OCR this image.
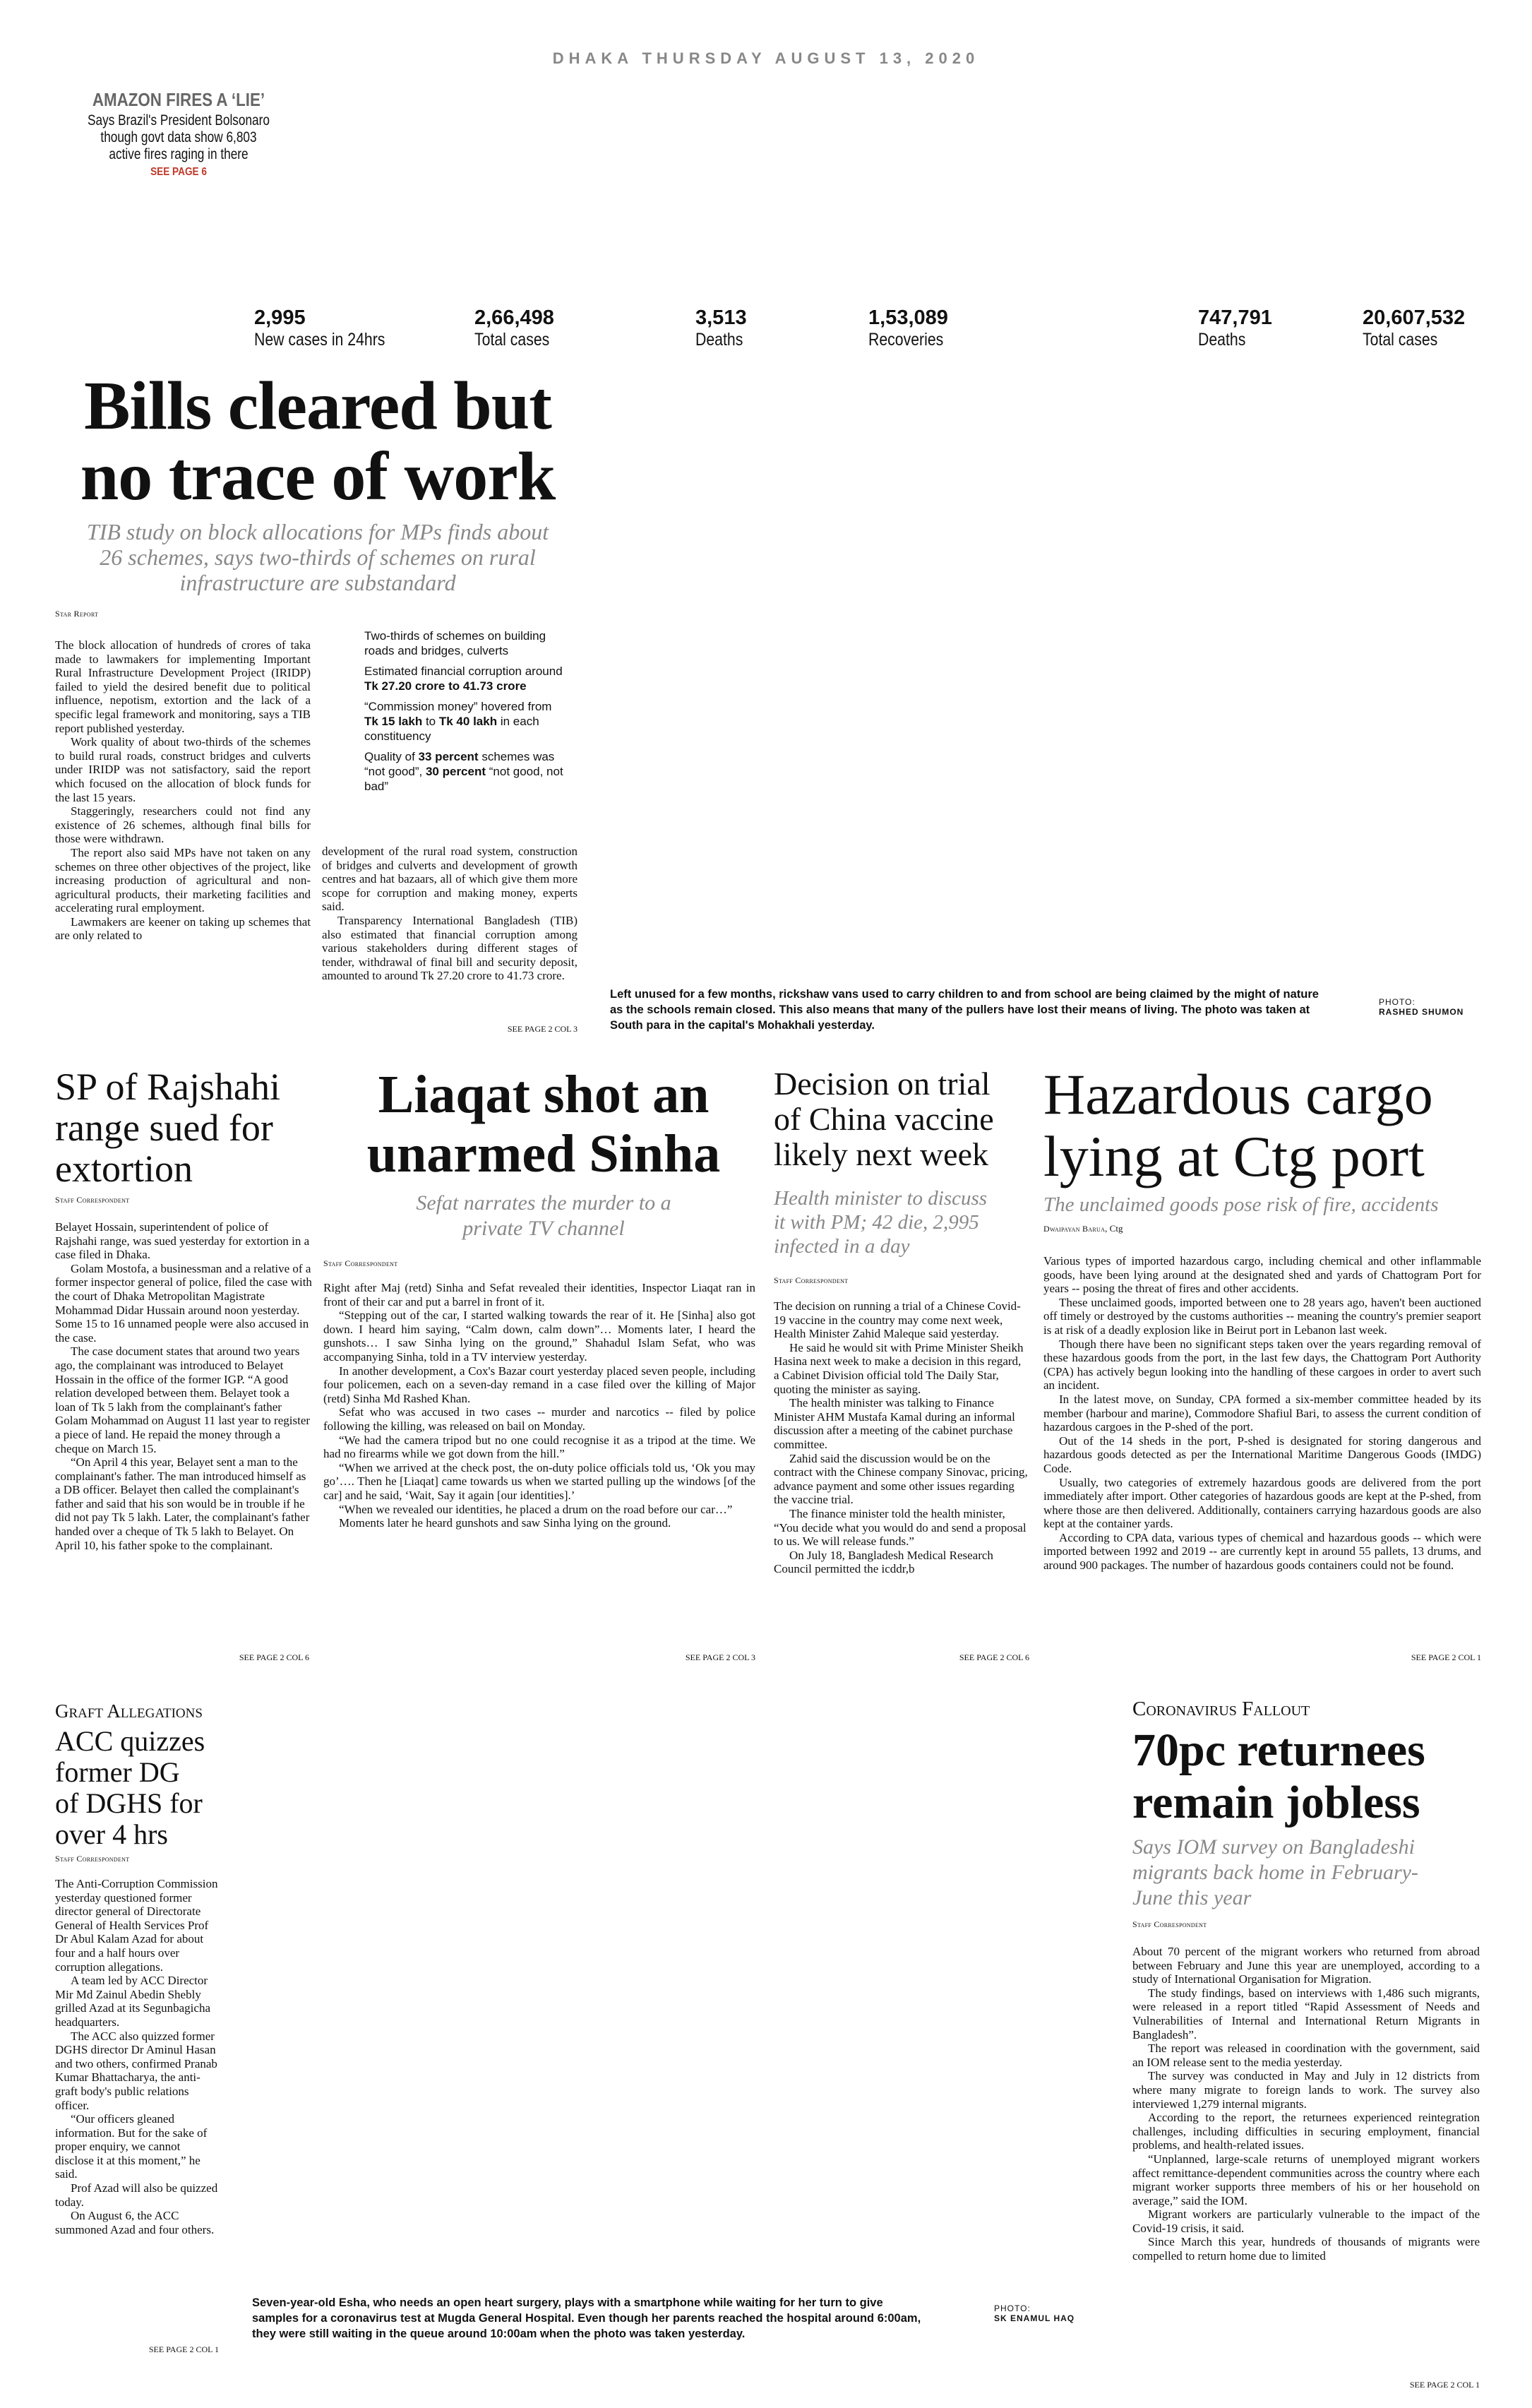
DHAKA THURSDAY AUGUST 13, 2020
AMAZON FIRES A ‘LIE’
Says Brazil's President Bolsonaro
though govt data show 6,803
active fires raging in there
SEE PAGE 6
2,995
New cases in 24hrs
2,66,498
Total cases
3,513
Deaths
1,53,089
Recoveries
747,791
Deaths
20,607,532
Total cases
Bills cleared but
no trace of work
TIB study on block allocations for MPs finds about
26 schemes, says two-thirds of schemes on rural
infrastructure are substandard
Star Report

The block allocation of hundreds of crores of taka made to lawmakers for implementing Important Rural Infrastructure Development Project (IRIDP) failed to yield the desired benefit due to political influence, nepotism, extortion and the lack of a specific legal framework and monitoring, says a TIB report published yesterday.

Work quality of about two-thirds of the schemes to build rural roads, construct bridges and culverts under IRIDP was not satisfactory, said the report which focused on the allocation of block funds for the last 15 years.

Staggeringly, researchers could not find any existence of 26 schemes, although final bills for those were withdrawn.

The report also said MPs have not taken on any schemes on three other objectives of the project, like increasing production of agricultural and non-agricultural products, their marketing facilities and accelerating rural employment.

Lawmakers are keener on taking up schemes that are only related to

Two-thirds of schemes on building roads and bridges, culverts

Estimated financial corruption around Tk 27.20 crore to 41.73 crore

“Commission money” hovered from Tk 15 lakh to Tk 40 lakh in each constituency

Quality of 33 percent schemes was “not good”, 30 percent “not good, not bad”

development of the rural road system, construction of bridges and culverts and development of growth centres and hat bazaars, all of which give them more scope for corruption and making money, experts said.

Transparency International Bangladesh (TIB) also estimated that financial corruption among various stakeholders during different stages of tender, withdrawal of final bill and security deposit, amounted to around Tk 27.20 crore to 41.73 crore.

SEE PAGE 2 COL 3
Left unused for a few months, rickshaw vans used to carry children to and from school are being claimed by the might of nature as the schools remain closed. This also means that many of the pullers have lost their means of living. The photo was taken at South para in the capital's Mohakhali yesterday.
PHOTO:
RASHED SHUMON
SP of Rajshahi range sued for extortion
Staff Correspondent

Belayet Hossain, superintendent of police of Rajshahi range, was sued yesterday for extortion in a case filed in Dhaka.

Golam Mostofa, a businessman and a relative of a former inspector general of police, filed the case with the court of Dhaka Metropolitan Magistrate Mohammad Didar Hussain around noon yesterday. Some 15 to 16 unnamed people were also accused in the case.

The case document states that around two years ago, the complainant was introduced to Belayet Hossain in the office of the former IGP. “A good relation developed between them. Belayet took a loan of Tk 5 lakh from the complainant's father Golam Mohammad on August 11 last year to register a piece of land. He repaid the money through a cheque on March 15.

“On April 4 this year, Belayet sent a man to the complainant's father. The man introduced himself as a DB officer. Belayet then called the complainant's father and said that his son would be in trouble if he did not pay Tk 5 lakh. Later, the complainant's father handed over a cheque of Tk 5 lakh to Belayet. On April 10, his father spoke to the complainant.

SEE PAGE 2 COL 6
Liaqat shot an
unarmed Sinha
Sefat narrates the murder to a
private TV channel
Staff Correspondent

Right after Maj (retd) Sinha and Sefat revealed their identities, Inspector Liaqat ran in front of their car and put a barrel in front of it.

“Stepping out of the car, I started walking towards the rear of it. He [Sinha] also got down. I heard him saying, “Calm down, calm down”… Moments later, I heard the gunshots… I saw Sinha lying on the ground,” Shahadul Islam Sefat, who was accompanying Sinha, told in a TV interview yesterday.

In another development, a Cox's Bazar court yesterday placed seven people, including four policemen, each on a seven-day remand in a case filed over the killing of Major (retd) Sinha Md Rashed Khan.

Sefat who was accused in two cases -- murder and narcotics -- filed by police following the killing, was released on bail on Monday.

“We had the camera tripod but no one could recognise it as a tripod at the time. We had no firearms while we got down from the hill.”

“When we arrived at the check post, the on-duty police officials told us, ‘Ok you may go’…. Then he [Liaqat] came towards us when we started pulling up the windows [of the car] and he said, ‘Wait, Say it again [our identities].’

“When we revealed our identities, he placed a drum on the road before our car…”

Moments later he heard gunshots and saw Sinha lying on the ground.

SEE PAGE 2 COL 3
Decision on trial
of China vaccine
likely next week
Health minister to discuss
it with PM; 42 die, 2,995
infected in a day
Staff Correspondent

The decision on running a trial of a Chinese Covid-19 vaccine in the country may come next week, Health Minister Zahid Maleque said yesterday.

He said he would sit with Prime Minister Sheikh Hasina next week to make a decision in this regard, a Cabinet Division official told The Daily Star, quoting the minister as saying.

The health minister was talking to Finance Minister AHM Mustafa Kamal during an informal discussion after a meeting of the cabinet purchase committee.

Zahid said the discussion would be on the contract with the Chinese company Sinovac, pricing, advance payment and some other issues regarding the vaccine trial.

The finance minister told the health minister, “You decide what you would do and send a proposal to us. We will release funds.”

On July 18, Bangladesh Medical Research Council permitted the icddr,b

SEE PAGE 2 COL 6
Hazardous cargo
lying at Ctg port
The unclaimed goods pose risk of fire, accidents
Dwaipayan Barua, Ctg

Various types of imported hazardous cargo, including chemical and other inflammable goods, have been lying around at the designated shed and yards of Chattogram Port for years -- posing the threat of fires and other accidents.

These unclaimed goods, imported between one to 28 years ago, haven't been auctioned off timely or destroyed by the customs authorities -- meaning the country's premier seaport is at risk of a deadly explosion like in Beirut port in Lebanon last week.

Though there have been no significant steps taken over the years regarding removal of these hazardous goods from the port, in the last few days, the Chattogram Port Authority (CPA) has actively begun looking into the handling of these cargoes in order to avert such an incident.

In the latest move, on Sunday, CPA formed a six-member committee headed by its member (harbour and marine), Commodore Shafiul Bari, to assess the current condition of hazardous cargoes in the P-shed of the port.

Out of the 14 sheds in the port, P-shed is designated for storing dangerous and hazardous goods detected as per the International Maritime Dangerous Goods (IMDG) Code.

Usually, two categories of extremely hazardous goods are delivered from the port immediately after import. Other categories of hazardous goods are kept at the P-shed, from where those are then delivered. Additionally, containers carrying hazardous goods are also kept at the container yards.

According to CPA data, various types of chemical and hazardous goods -- which were imported between 1992 and 2019 -- are currently kept in around 55 pallets, 13 drums, and around 900 packages. The number of hazardous goods containers could not be found.

SEE PAGE 2 COL 1
Graft Allegations
ACC quizzes
former DG
of DGHS for
over 4 hrs
Staff Correspondent

The Anti-Corruption Commission yesterday questioned former director general of Directorate General of Health Services Prof Dr Abul Kalam Azad for about four and a half hours over corruption allegations.

A team led by ACC Director Mir Md Zainul Abedin Shebly grilled Azad at its Segunbagicha headquarters.

The ACC also quizzed former DGHS director Dr Aminul Hasan and two others, confirmed Pranab Kumar Bhattacharya, the anti-graft body's public relations officer.

“Our officers gleaned information. But for the sake of proper enquiry, we cannot disclose it at this moment,” he said.

Prof Azad will also be quizzed today.

On August 6, the ACC summoned Azad and four others.

SEE PAGE 2 COL 1
Seven-year-old Esha, who needs an open heart surgery, plays with a smartphone while waiting for her turn to give samples for a coronavirus test at Mugda General Hospital. Even though her parents reached the hospital around 6:00am, they were still waiting in the queue around 10:00am when the photo was taken yesterday.
PHOTO:
SK ENAMUL HAQ
Coronavirus Fallout
70pc returnees
remain jobless
Says IOM survey on Bangladeshi
migrants back home in February-
June this year
Staff Correspondent

About 70 percent of the migrant workers who returned from abroad between February and June this year are unemployed, according to a study of International Organisation for Migration.

The study findings, based on interviews with 1,486 such migrants, were released in a report titled “Rapid Assessment of Needs and Vulnerabilities of Internal and International Return Migrants in Bangladesh”.

The report was released in coordination with the government, said an IOM release sent to the media yesterday.

The survey was conducted in May and July in 12 districts from where many migrate to foreign lands to work. The survey also interviewed 1,279 internal migrants.

According to the report, the returnees experienced reintegration challenges, including difficulties in securing employment, financial problems, and health-related issues.

“Unplanned, large-scale returns of unemployed migrant workers affect remittance-dependent communities across the country where each migrant worker supports three members of his or her household on average,” said the IOM.

Migrant workers are particularly vulnerable to the impact of the Covid-19 crisis, it said.

Since March this year, hundreds of thousands of migrants were compelled to return home due to limited

SEE PAGE 2 COL 1
